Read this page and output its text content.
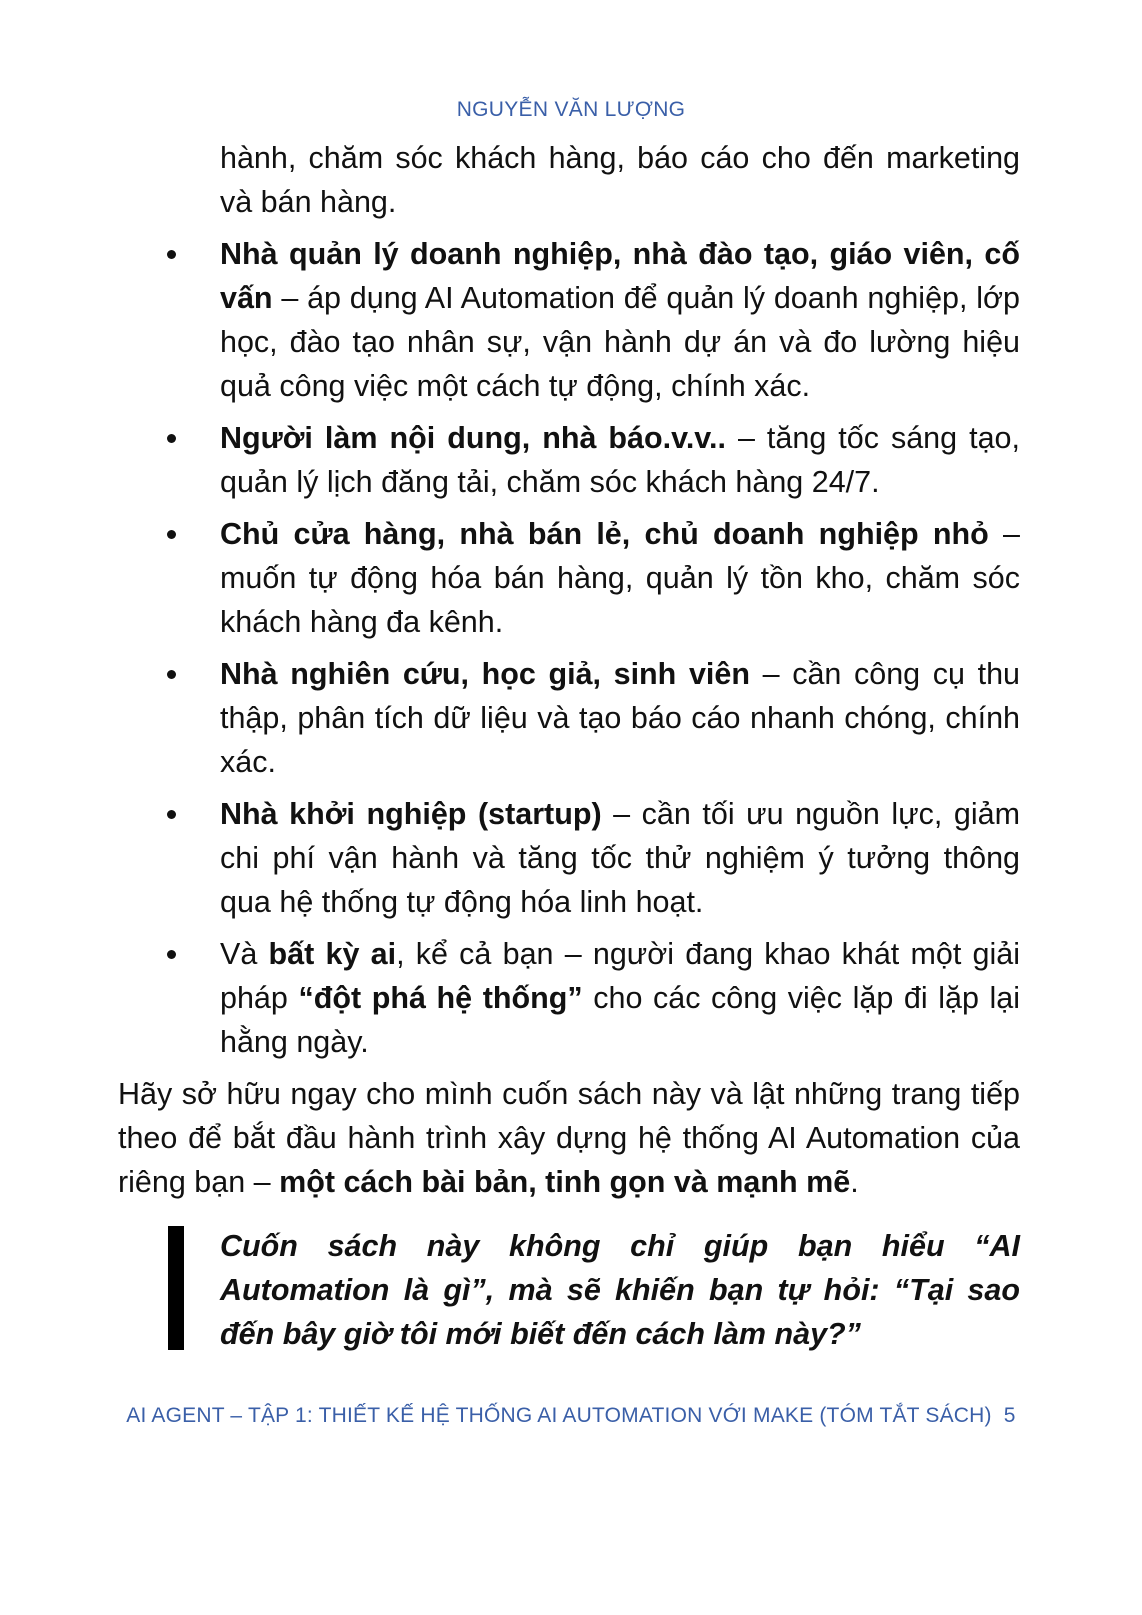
NGUYỄN VĂN LƯỢNG

hành, chăm sóc khách hàng, báo cáo cho đến marketing và bán hàng.

Nhà quản lý doanh nghiệp, nhà đào tạo, giáo viên, cố vấn – áp dụng AI Automation để quản lý doanh nghiệp, lớp học, đào tạo nhân sự, vận hành dự án và đo lường hiệu quả công việc một cách tự động, chính xác.
Người làm nội dung, nhà báo.v.v.. – tăng tốc sáng tạo, quản lý lịch đăng tải, chăm sóc khách hàng 24/7.
Chủ cửa hàng, nhà bán lẻ, chủ doanh nghiệp nhỏ – muốn tự động hóa bán hàng, quản lý tồn kho, chăm sóc khách hàng đa kênh.
Nhà nghiên cứu, học giả, sinh viên – cần công cụ thu thập, phân tích dữ liệu và tạo báo cáo nhanh chóng, chính xác.
Nhà khởi nghiệp (startup) – cần tối ưu nguồn lực, giảm chi phí vận hành và tăng tốc thử nghiệm ý tưởng thông qua hệ thống tự động hóa linh hoạt.
Và bất kỳ ai, kể cả bạn – người đang khao khát một giải pháp “đột phá hệ thống” cho các công việc lặp đi lặp lại hằng ngày.

Hãy sở hữu ngay cho mình cuốn sách này và lật những trang tiếp theo để bắt đầu hành trình xây dựng hệ thống AI Automation của riêng bạn – một cách bài bản, tinh gọn và mạnh mẽ.

Cuốn sách này không chỉ giúp bạn hiểu “AI Automation là gì”, mà sẽ khiến bạn tự hỏi: “Tại sao đến bây giờ tôi mới biết đến cách làm này?”
AI AGENT – TẬP 1: THIẾT KẾ HỆ THỐNG AI AUTOMATION VỚI MAKE (TÓM TẮT SÁCH) 5
